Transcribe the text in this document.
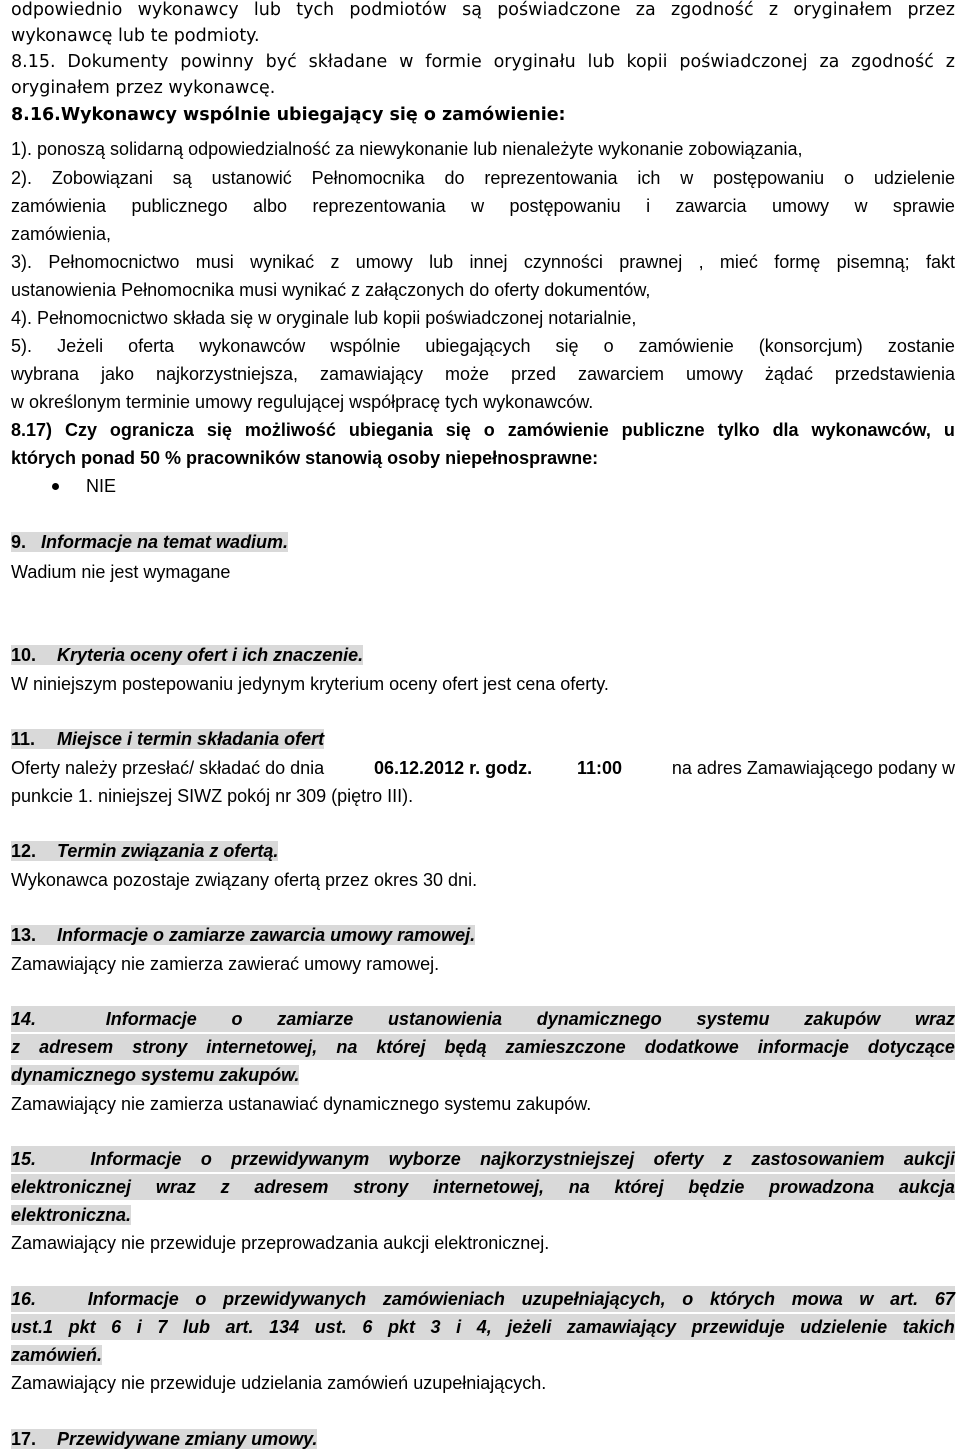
odpowiednio wykonawcy lub tych podmiotów są poświadczone za zgodność z oryginałem przez
wykonawcę lub te podmioty.
8.15. Dokumenty powinny być składane w formie oryginału lub kopii poświadczonej za zgodność z
oryginałem przez wykonawcę.
8.16.Wykonawcy wspólnie ubiegający się o zamówienie:
1). ponoszą solidarną odpowiedzialność za niewykonanie lub nienależyte wykonanie zobowiązania,
2). Zobowiązani są ustanowić Pełnomocnika do reprezentowania ich w postępowaniu o udzielenie
zamówienia publicznego albo reprezentowania w postępowaniu i zawarcia umowy w sprawie
zamówienia,
3). Pełnomocnictwo musi wynikać z umowy lub innej czynności prawnej , mieć formę pisemną; fakt
ustanowienia Pełnomocnika musi wynikać z załączonych do oferty dokumentów,
4). Pełnomocnictwo składa się w oryginale lub kopii poświadczonej notarialnie,
5). Jeżeli oferta wykonawców wspólnie ubiegających się o zamówienie (konsorcjum) zostanie
wybrana jako najkorzystniejsza, zamawiający może przed zawarciem umowy żądać przedstawienia
w określonym terminie umowy regulującej współpracę tych wykonawców.
8.17) Czy ogranicza się możliwość ubiegania się o zamówienie publiczne tylko dla wykonawców, u
których ponad 50 % pracowników stanowią osoby niepełnosprawne:
NIE
9. Informacje na temat wadium.
Wadium nie jest wymagane
10. Kryteria oceny ofert i ich znaczenie.
W niniejszym postepowaniu jedynym kryterium oceny ofert jest cena oferty.
11. Miejsce i termin składania ofert
Oferty należy przesłać/ składać do dnia 06.12.2012 r. godz. 11:00 na adres Zamawiającego podany w
punkcie 1. niniejszej SIWZ pokój nr 309 (piętro III).
12. Termin związania z ofertą.
Wykonawca pozostaje związany ofertą przez okres 30 dni.
13. Informacje o zamiarze zawarcia umowy ramowej.
Zamawiający nie zamierza zawierać umowy ramowej.
14.	Informacje o zamiarze ustanowienia dynamicznego systemu zakupów wraz
z adresem strony internetowej, na której będą zamieszczone dodatkowe informacje dotyczące
dynamicznego systemu zakupów.
Zamawiający nie zamierza ustanawiać dynamicznego systemu zakupów.
15.	Informacje o przewidywanym wyborze najkorzystniejszej oferty z zastosowaniem aukcji
elektronicznej wraz z adresem strony internetowej, na której będzie prowadzona aukcja
elektroniczna.
Zamawiający nie przewiduje przeprowadzania aukcji elektronicznej.
16.	Informacje o przewidywanych zamówieniach uzupełniających, o których mowa w art. 67
ust.1 pkt 6 i 7 lub art. 134 ust. 6 pkt 3 i 4, jeżeli zamawiający przewiduje udzielenie takich
zamówień.
Zamawiający nie przewiduje udzielania zamówień uzupełniających.
17. Przewidywane zmiany umowy.
